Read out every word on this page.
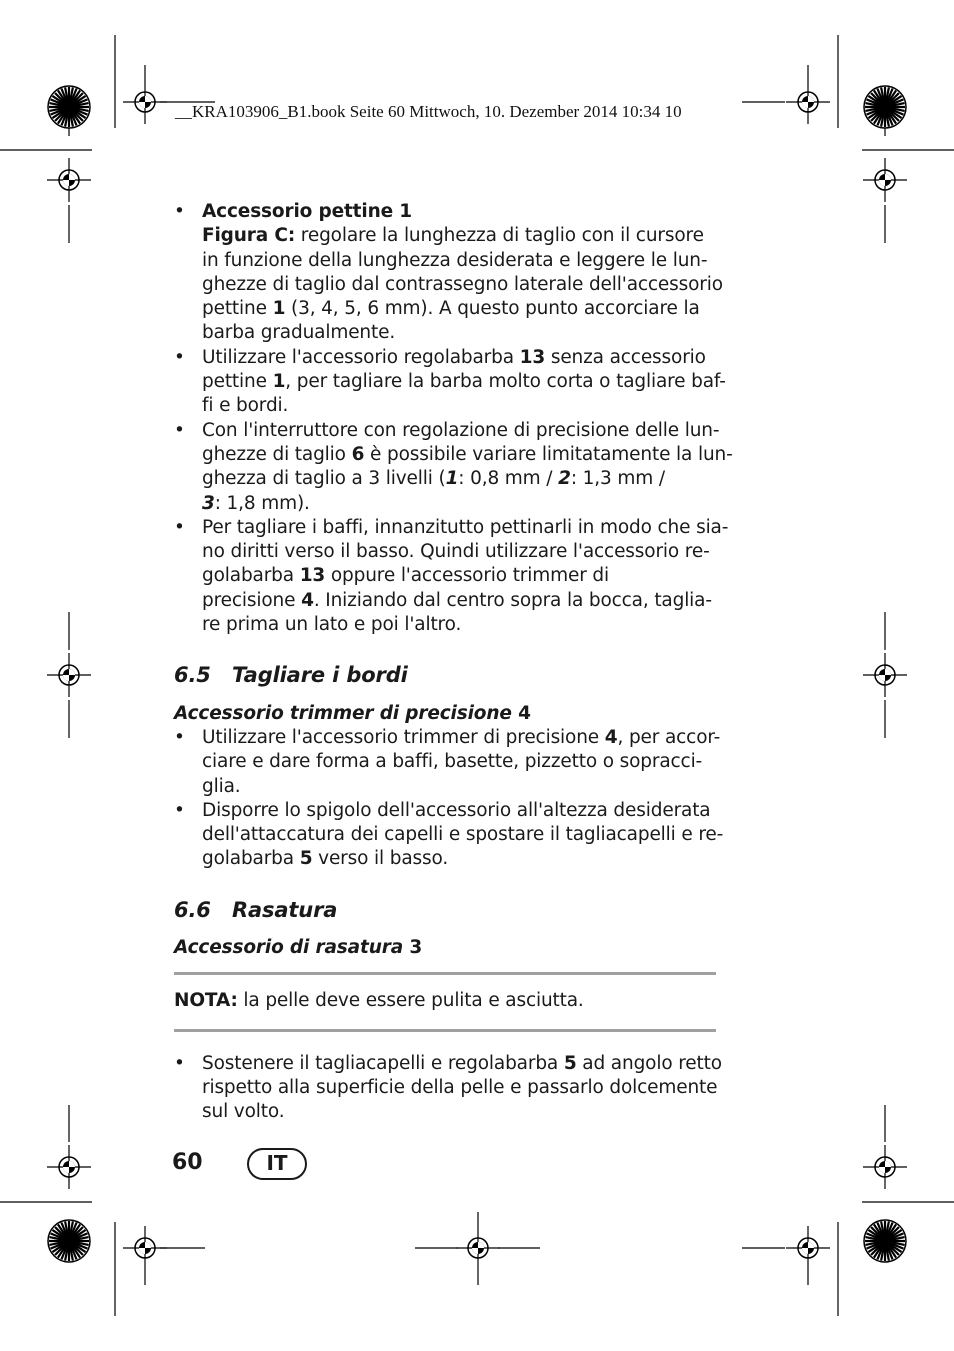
__KRA103906_B1.book Seite 60 Mittwoch, 10. Dezember 2014 10:34 10
• Accessorio pettine 1
Figura C: regolare la lunghezza di taglio con il cursore
in funzione della lunghezza desiderata e leggere le lun-
ghezze di taglio dal contrassegno laterale dell'accessorio
pettine 1 (3, 4, 5, 6 mm). A questo punto accorciare la
barba gradualmente.
• Utilizzare l'accessorio regolabarba 13 senza accessorio
pettine 1, per tagliare la barba molto corta o tagliare baf-
fi e bordi.
• Con l'interruttore con regolazione di precisione delle lun-
ghezze di taglio 6 è possibile variare limitatamente la lun-
ghezza di taglio a 3 livelli (1: 0,8 mm / 2: 1,3 mm /
3: 1,8 mm).
• Per tagliare i baffi, innanzitutto pettinarli in modo che sia-
no diritti verso il basso. Quindi utilizzare l'accessorio re-
golabarba 13 oppure l'accessorio trimmer di
precisione 4. Iniziando dal centro sopra la bocca, taglia-
re prima un lato e poi l'altro.
6.5 Tagliare i bordi
Accessorio trimmer di precisione 4
• Utilizzare l'accessorio trimmer di precisione 4, per accor-
ciare e dare forma a baffi, basette, pizzetto o sopracci-
glia.
• Disporre lo spigolo dell'accessorio all'altezza desiderata
dell'attaccatura dei capelli e spostare il tagliacapelli e re-
golabarba 5 verso il basso.
6.6 Rasatura
Accessorio di rasatura 3
NOTA: la pelle deve essere pulita e asciutta.
• Sostenere il tagliacapelli e regolabarba 5 ad angolo retto
rispetto alla superficie della pelle e passarlo dolcemente
sul volto.
60	IT
